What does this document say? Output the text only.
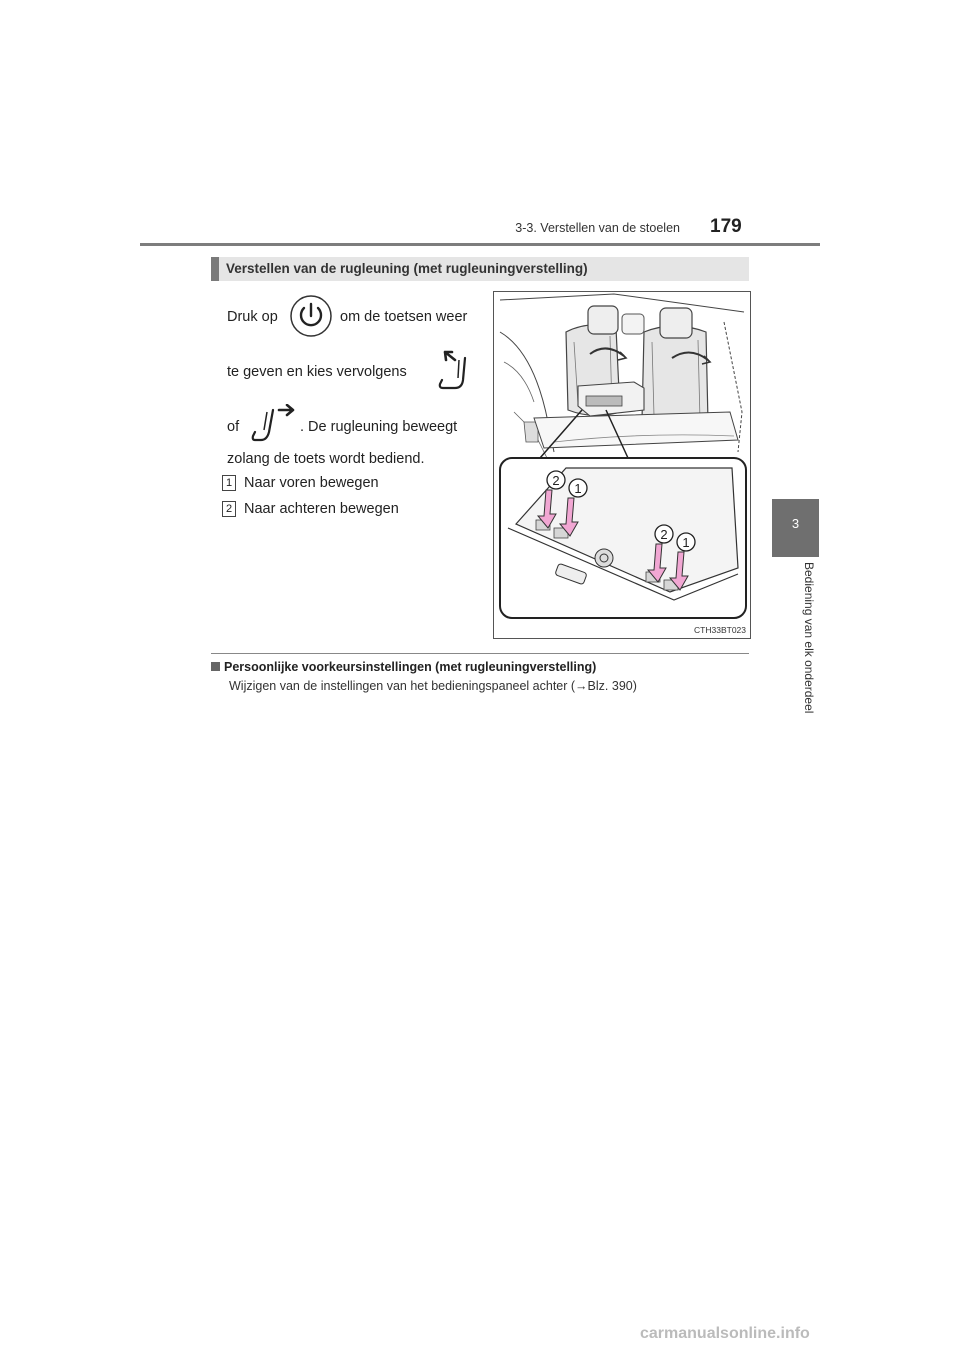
3-3. Verstellen van de stoelen 179
3
Bediening van elk onderdeel
Verstellen van de rugleuning (met rugleuningverstelling)
Druk op	om de toetsen weer
te geven en kies vervolgens
of	. De rugleuning beweegt
zolang de toets wordt bediend.
1 Naar voren bewegen
2 Naar achteren bewegen
2
1
2
1
CTH33BT023
Persoonlijke voorkeursinstellingen (met rugleuningverstelling)
Wijzigen van de instellingen van het bedieningspaneel achter (→Blz. 390)
carmanualsonline.info
